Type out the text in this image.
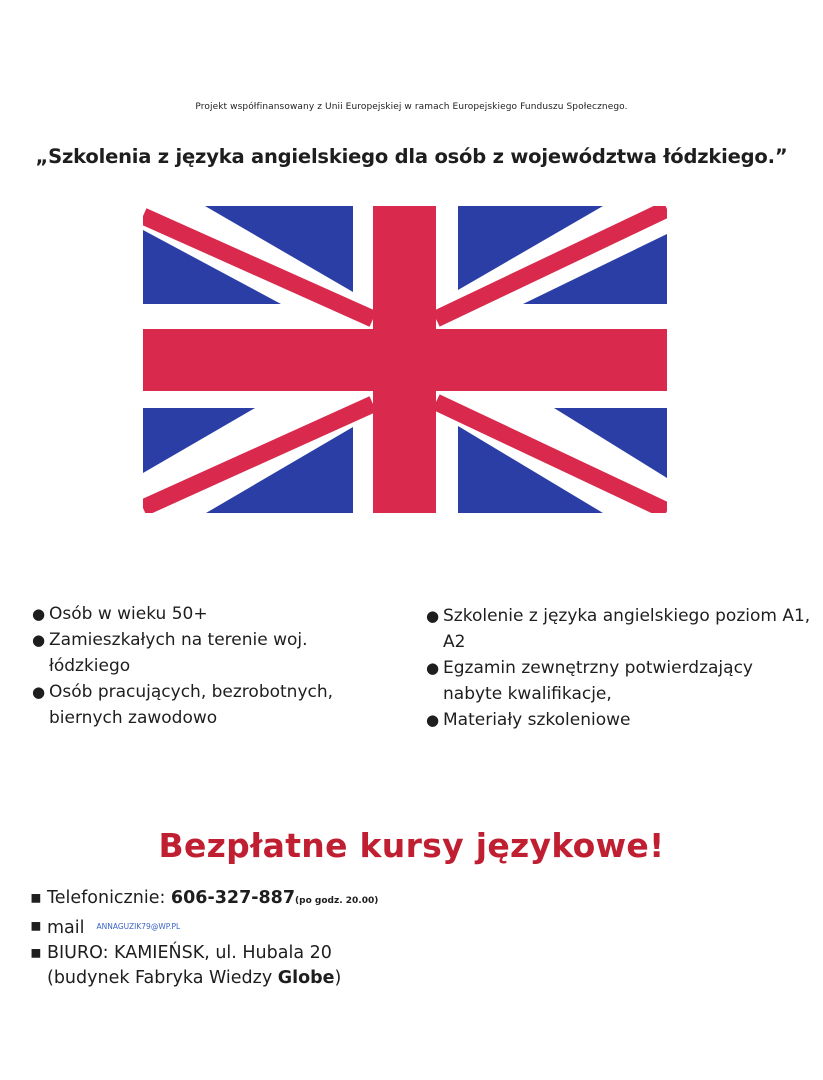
Projekt współfinansowany z Unii Europejskiej w ramach Europejskiego Funduszu Społecznego.
„Szkolenia z języka angielskiego dla osób z województwa łódzkiego.”
● Osób w wieku 50+
● Zamieszkałych na terenie woj. łódzkiego
● Osób pracujących, bezrobotnych, biernych zawodowo
● Szkolenie z języka angielskiego poziom A1, A2
● Egzamin zewnętrzny potwierdzający nabyte kwalifikacje,
● Materiały szkoleniowe
Bezpłatne kursy językowe!
▪ Telefonicznie: 606-327-887(po godz. 20.00)
▪ mail $^{ANNAGUZIK79@WP.PL}$
▪ BIURO: KAMIEŃSK, ul. Hubala 20
(budynek Fabryka Wiedzy Globe)
